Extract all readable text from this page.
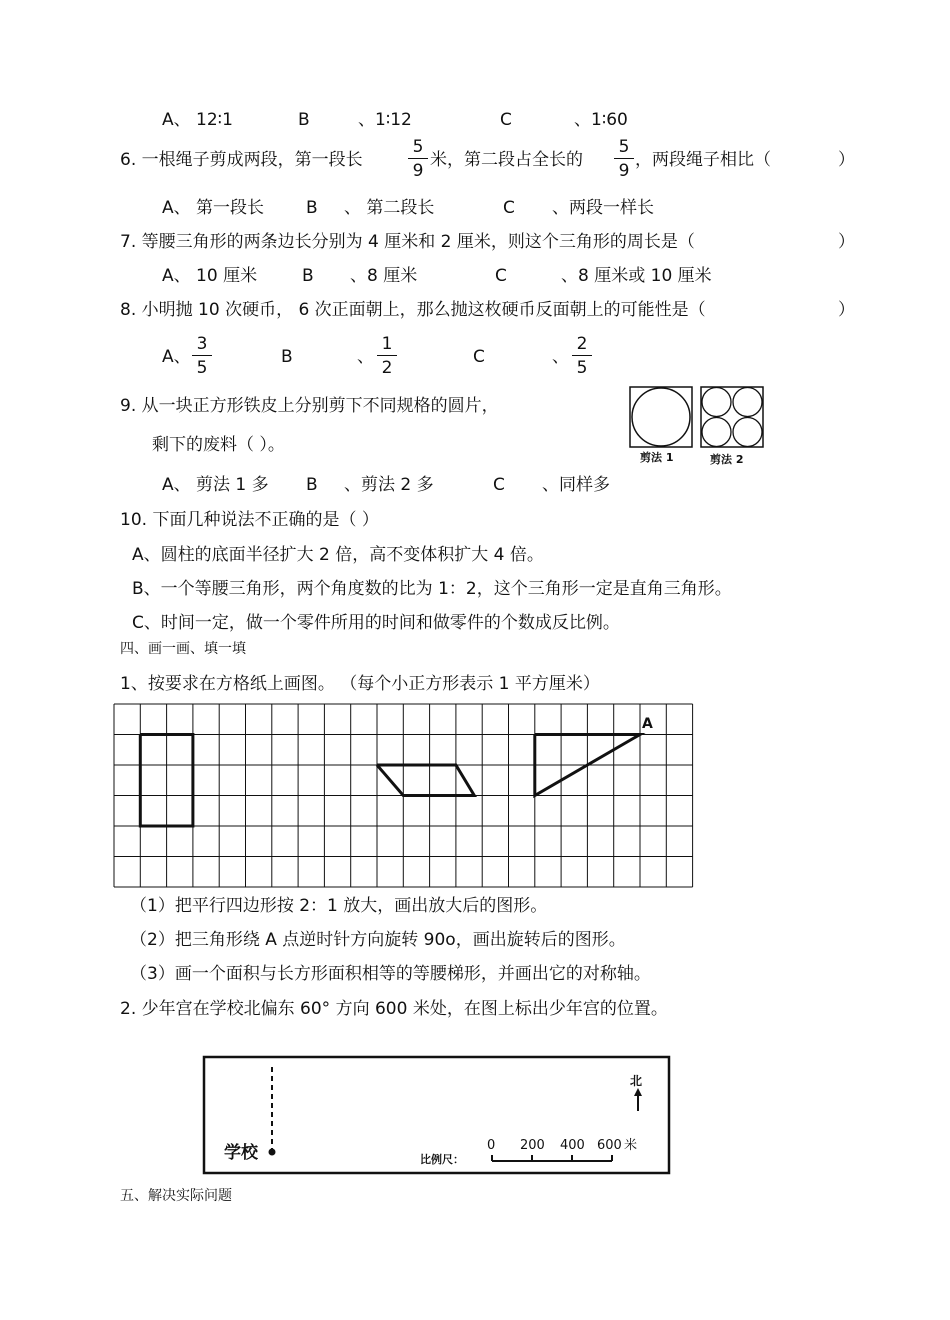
A、 12∶1	B	、1∶12	C	、1∶60
6. 一根绳子剪成两段，第一段长	$\frac{5}{9}$ 米，第二段占全长的 $\frac{5}{9}$ ，两段绳子相比（	）
A、 第一段长 B 、 第二段长	C 、两段一样长
7. 等腰三角形的两条边长分别为 4 厘米和 2 厘米，则这个三角形的周长是（	）
A、 10 厘米	B 、8 厘米	C	、8 厘米或 10 厘米
8. 小明抛 10 次硬币， 6 次正面朝上，那么抛这枚硬币反面朝上的可能性是（	）
A、 $\frac{3}{5}$	B	、 $\frac{1}{2}$	C	、 $\frac{2}{5}$
9. 从一块正方形铁皮上分别剪下不同规格的圆片，
剩下的废料（ ）。
剪法 1	剪法 2
A、 剪法 1 多 B 、剪法 2 多	C 、同样多
10. 下面几种说法不正确的是（ ）
A、圆柱的底面半径扩大 2 倍，高不变体积扩大 4 倍。
B、一个等腰三角形，两个角度数的比为 1：2，这个三角形一定是直角三角形。
C、时间一定，做一个零件所用的时间和做零件的个数成反比例。
四、画一画、填一填
1、按要求在方格纸上画图。 （每个小正方形表示 1 平方厘米）
A
（1）把平行四边形按 2：1 放大，画出放大后的图形。
（2）把三角形绕 A 点逆时针方向旋转 90o，画出旋转后的图形。
（3）画一个面积与长方形面积相等的等腰梯形，并画出它的对称轴。
2. 少年宫在学校北偏东 60° 方向 600 米处，在图上标出少年宫的位置。
学校
北
比例尺：
0 200 400 600 米
五、解决实际问题
